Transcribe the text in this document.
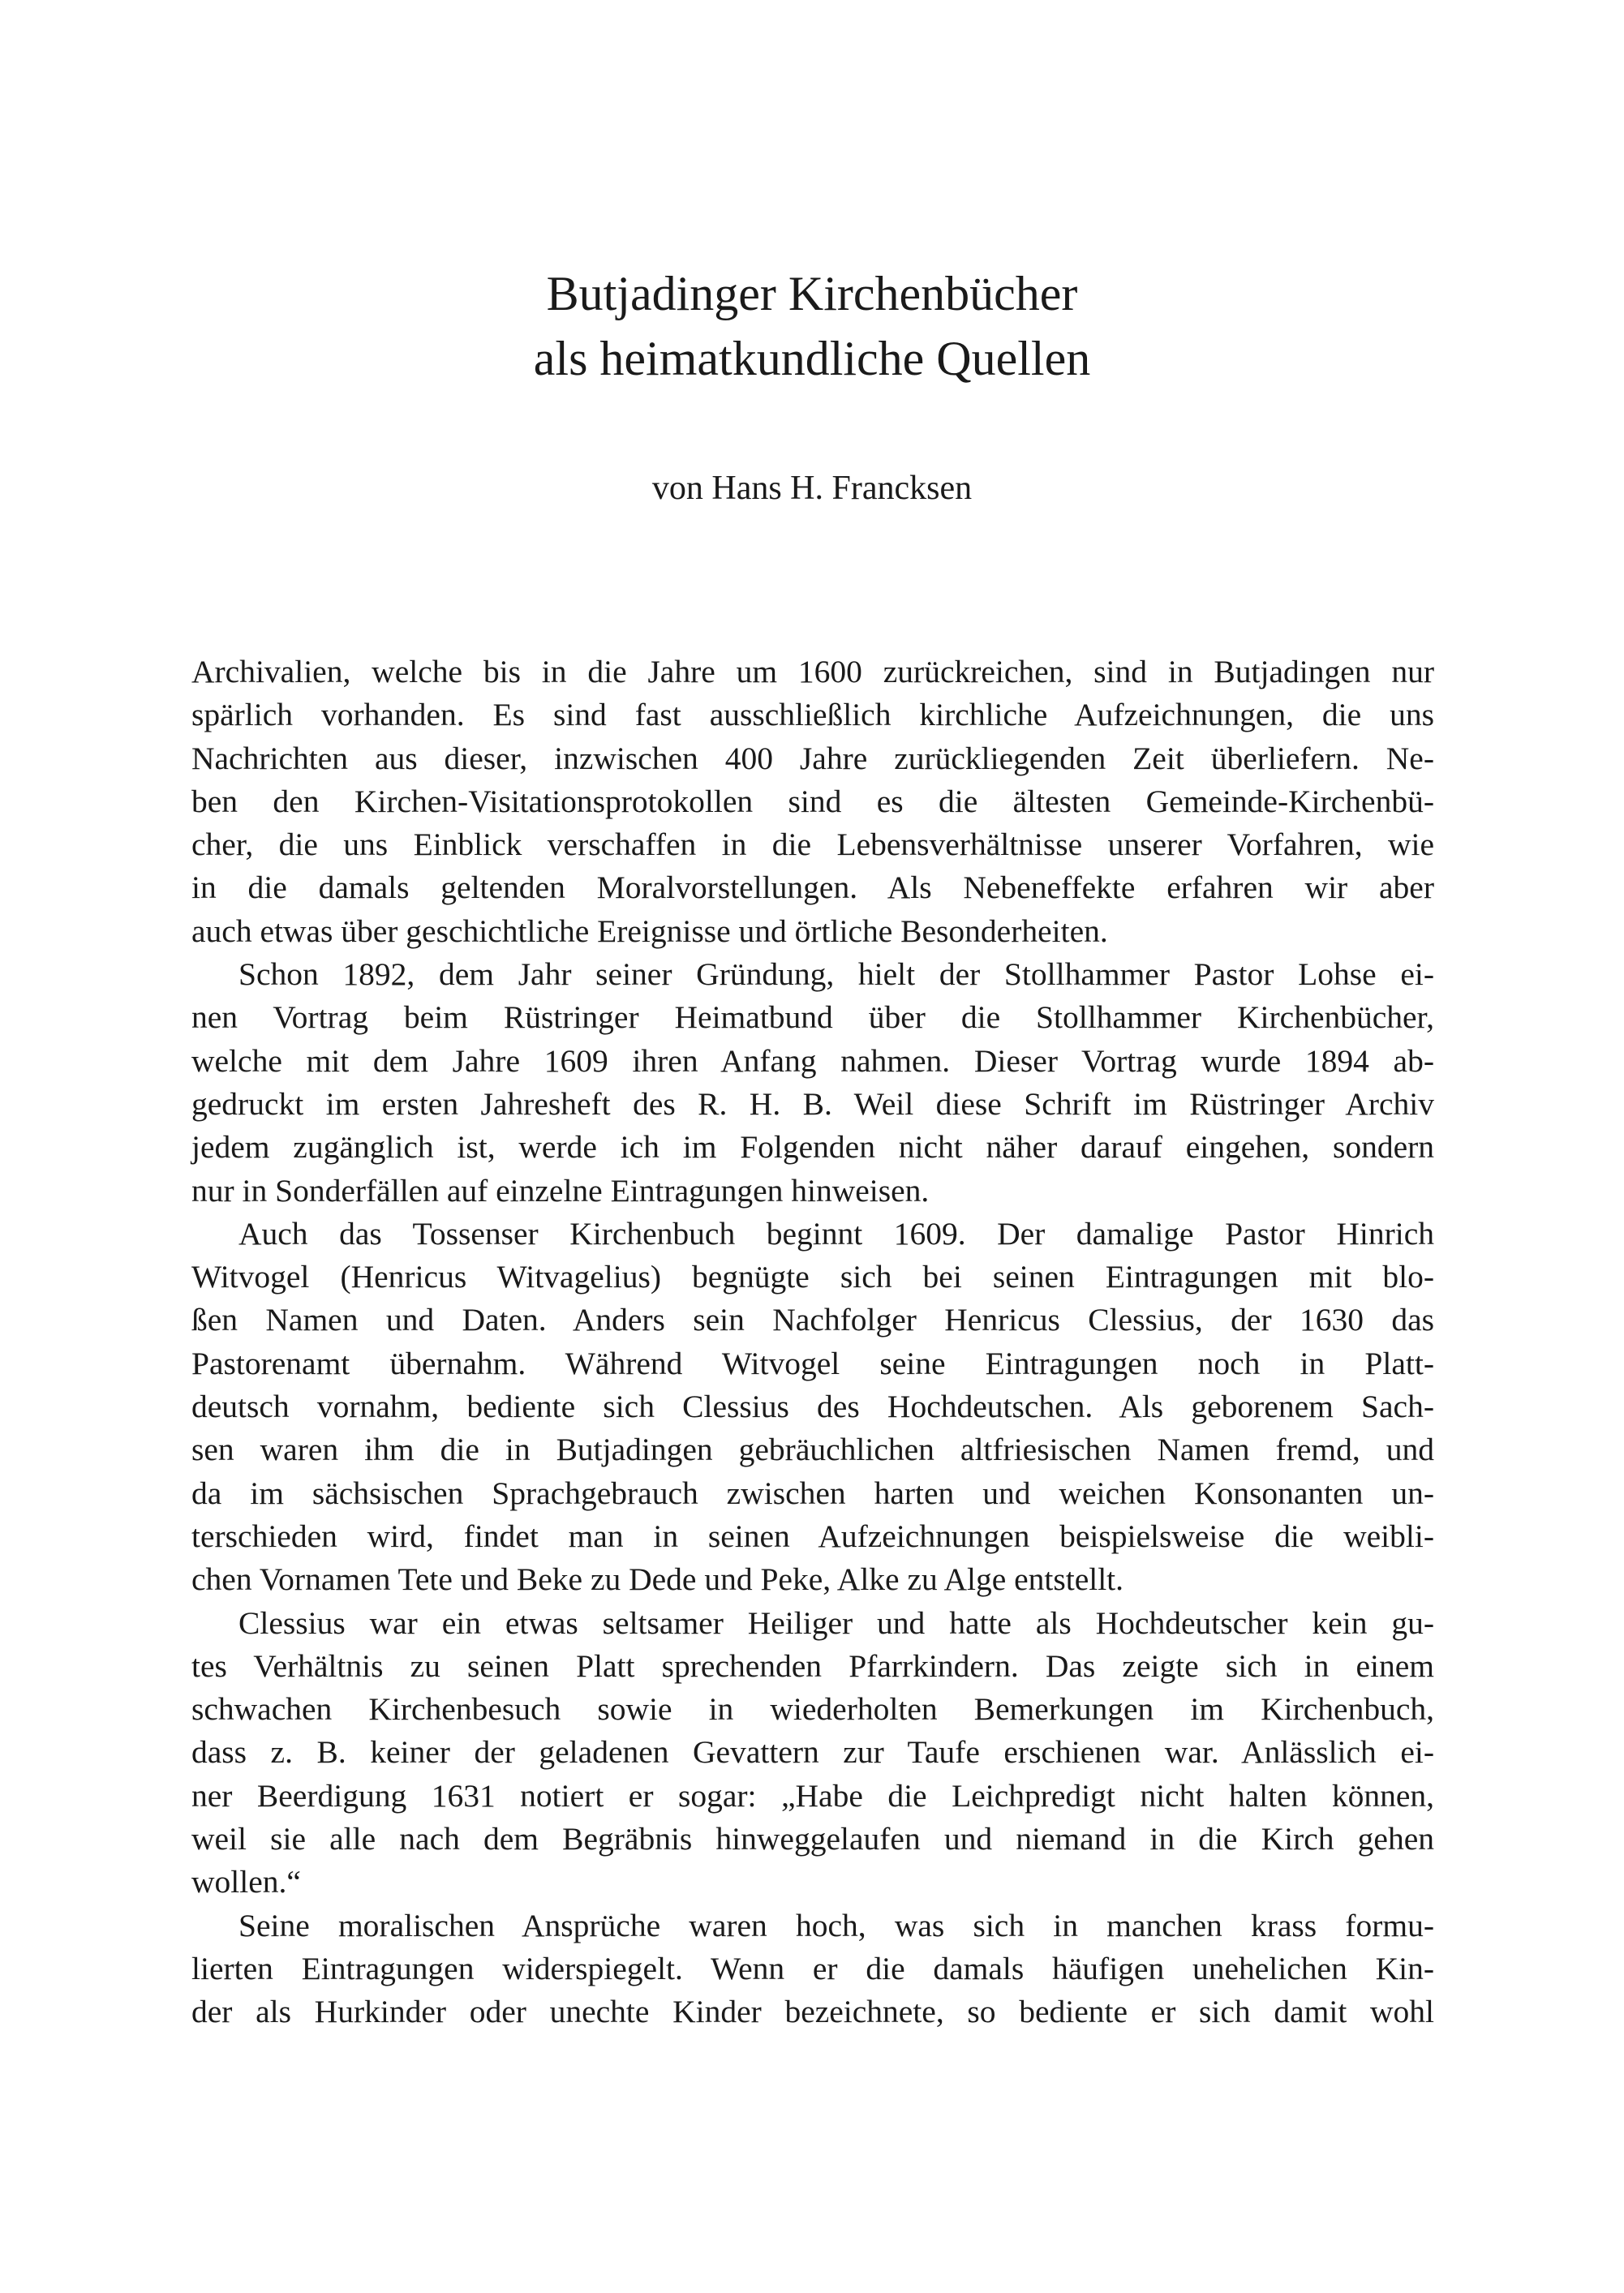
Butjadinger Kirchenbücher
als heimatkundliche Quellen
von Hans H. Francksen

Archivalien, welche bis in die Jahre um 1600 zurückreichen, sind in Butjadingen nur
spärlich vorhanden. Es sind fast ausschließlich kirchliche Aufzeichnungen, die uns
Nachrichten aus dieser, inzwischen 400 Jahre zurückliegenden Zeit überliefern. Ne-
ben den Kirchen-Visitationsprotokollen sind es die ältesten Gemeinde-Kirchenbü-
cher, die uns Einblick verschaffen in die Lebensverhältnisse unserer Vorfahren, wie
in die damals geltenden Moralvorstellungen. Als Nebeneffekte erfahren wir aber
auch etwas über geschichtliche Ereignisse und örtliche Besonderheiten.

Schon 1892, dem Jahr seiner Gründung, hielt der Stollhammer Pastor Lohse ei-
nen Vortrag beim Rüstringer Heimatbund über die Stollhammer Kirchenbücher,
welche mit dem Jahre 1609 ihren Anfang nahmen. Dieser Vortrag wurde 1894 ab-
gedruckt im ersten Jahresheft des R. H. B. Weil diese Schrift im Rüstringer Archiv
jedem zugänglich ist, werde ich im Folgenden nicht näher darauf eingehen, sondern
nur in Sonderfällen auf einzelne Eintragungen hinweisen.

Auch das Tossenser Kirchenbuch beginnt 1609. Der damalige Pastor Hinrich
Witvogel (Henricus Witvagelius) begnügte sich bei seinen Eintragungen mit blo-
ßen Namen und Daten. Anders sein Nachfolger Henricus Clessius, der 1630 das
Pastorenamt übernahm. Während Witvogel seine Eintragungen noch in Platt-
deutsch vornahm, bediente sich Clessius des Hochdeutschen. Als geborenem Sach-
sen waren ihm die in Butjadingen gebräuchlichen altfriesischen Namen fremd, und
da im sächsischen Sprachgebrauch zwischen harten und weichen Konsonanten un-
terschieden wird, findet man in seinen Aufzeichnungen beispielsweise die weibli-
chen Vornamen Tete und Beke zu Dede und Peke, Alke zu Alge entstellt.

Clessius war ein etwas seltsamer Heiliger und hatte als Hochdeutscher kein gu-
tes Verhältnis zu seinen Platt sprechenden Pfarrkindern. Das zeigte sich in einem
schwachen Kirchenbesuch sowie in wiederholten Bemerkungen im Kirchenbuch,
dass z. B. keiner der geladenen Gevattern zur Taufe erschienen war. Anlässlich ei-
ner Beerdigung 1631 notiert er sogar: „Habe die Leichpredigt nicht halten können,
weil sie alle nach dem Begräbnis hinweggelaufen und niemand in die Kirch gehen
wollen.“

Seine moralischen Ansprüche waren hoch, was sich in manchen krass formu-
lierten Eintragungen widerspiegelt. Wenn er die damals häufigen unehelichen Kin-
der als Hurkinder oder unechte Kinder bezeichnete, so bediente er sich damit wohl
